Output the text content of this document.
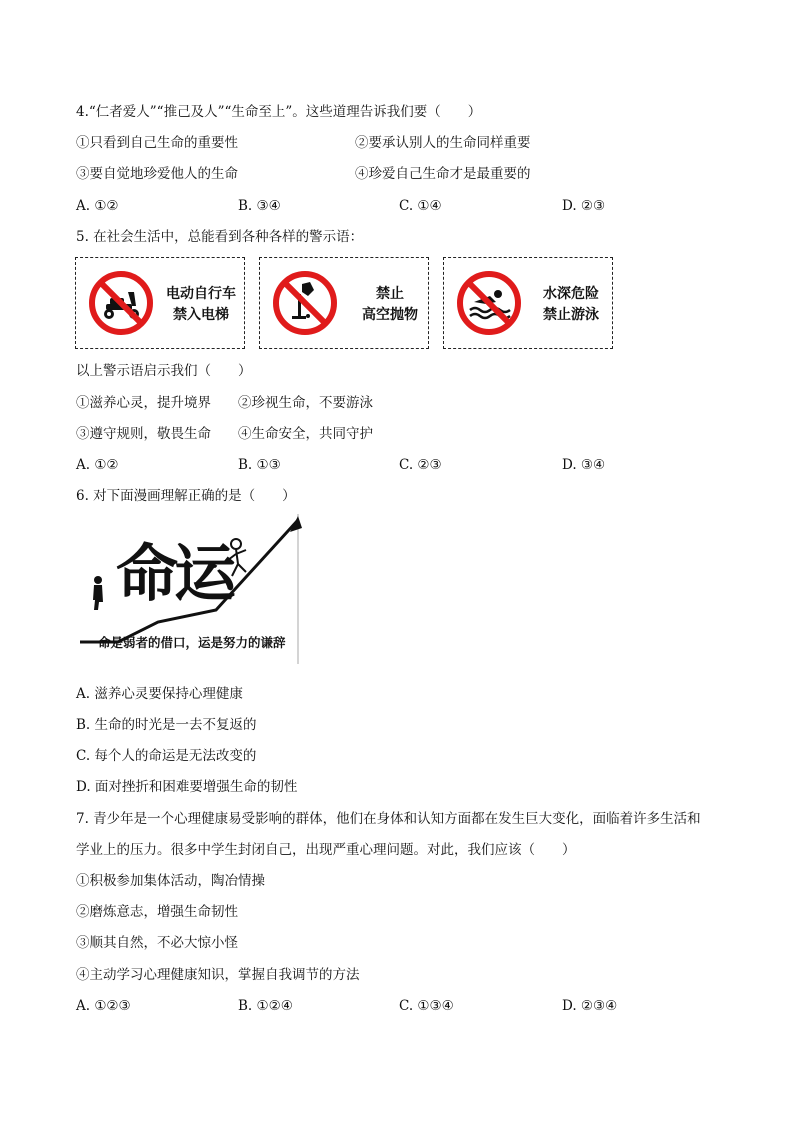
4.“仁者爱人”“推己及人”“生命至上”。这些道理告诉我们要（　　）
①只看到自己生命的重要性	②要承认别人的生命同样重要
③要自觉地珍爱他人的生命	④珍爱自己生命才是最重要的
A. ①②	B. ③④	C. ①④	D. ②③
5. 在社会生活中，总能看到各种各样的警示语：
电动自行车
禁入电梯
禁止
高空抛物
水深危险
禁止游泳
以上警示语启示我们（　　）
①滋养心灵，提升境界　　②珍视生命，不要游泳
③遵守规则，敬畏生命　　④生命安全，共同守护
A. ①②	B. ①③	C. ②③	D. ③④
6. 对下面漫画理解正确的是（　　）
命运
命是弱者的借口，运是努力的谦辞
A. 滋养心灵要保持心理健康
B. 生命的时光是一去不复返的
C. 每个人的命运是无法改变的
D. 面对挫折和困难要增强生命的韧性
7. 青少年是一个心理健康易受影响的群体，他们在身体和认知方面都在发生巨大变化，面临着许多生活和
学业上的压力。很多中学生封闭自己，出现严重心理问题。对此，我们应该（　　）
①积极参加集体活动，陶冶情操
②磨炼意志，增强生命韧性
③顺其自然，不必大惊小怪
④主动学习心理健康知识，掌握自我调节的方法
A. ①②③	B. ①②④	C. ①③④	D. ②③④
